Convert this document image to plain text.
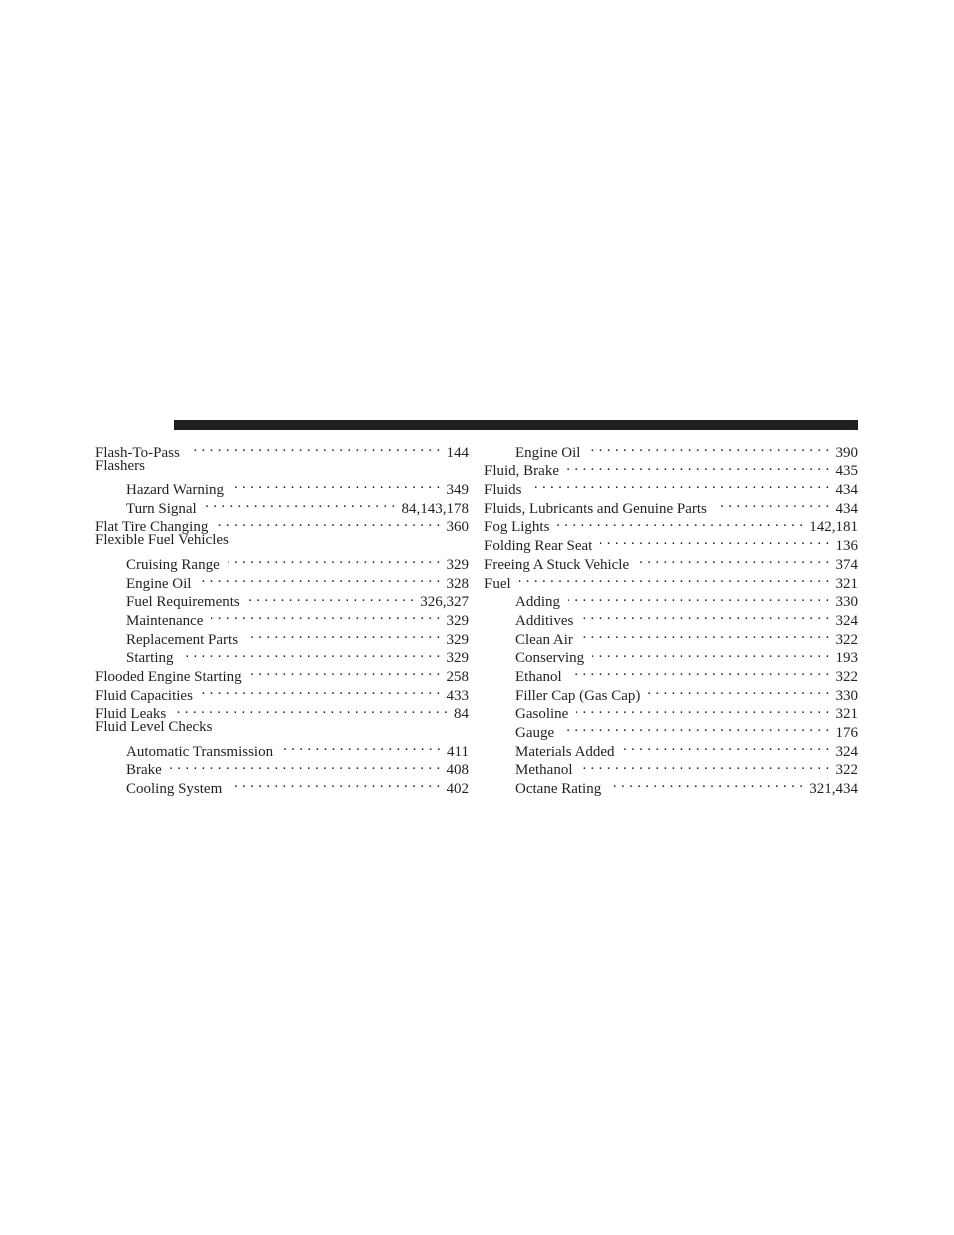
Flash-To-Pass . . .	144
Flashers
Hazard Warning . . .	349
Turn Signal . . .	84,143,178
Flat Tire Changing . . .	360
Flexible Fuel Vehicles
Cruising Range . . .	329
Engine Oil . . .	328
Fuel Requirements . . .	326,327
Maintenance . . .	329
Replacement Parts . . .	329
Starting . . .	329
Flooded Engine Starting . . .	258
Fluid Capacities . . .	433
Fluid Leaks . . .	84
Fluid Level Checks
Automatic Transmission . . .	411
Brake . . .	408
Cooling System . . .	402
Engine Oil . . .	390
Fluid, Brake . . .	435
Fluids . . .	434
Fluids, Lubricants and Genuine Parts . . .	434
Fog Lights . . .	142,181
Folding Rear Seat . . .	136
Freeing A Stuck Vehicle . . .	374
Fuel . . .	321
Adding . . .	330
Additives . . .	324
Clean Air . . .	322
Conserving . . .	193
Ethanol . . .	322
Filler Cap (Gas Cap) . . .	330
Gasoline . . .	321
Gauge . . .	176
Materials Added . . .	324
Methanol . . .	322
Octane Rating . . .	321,434
